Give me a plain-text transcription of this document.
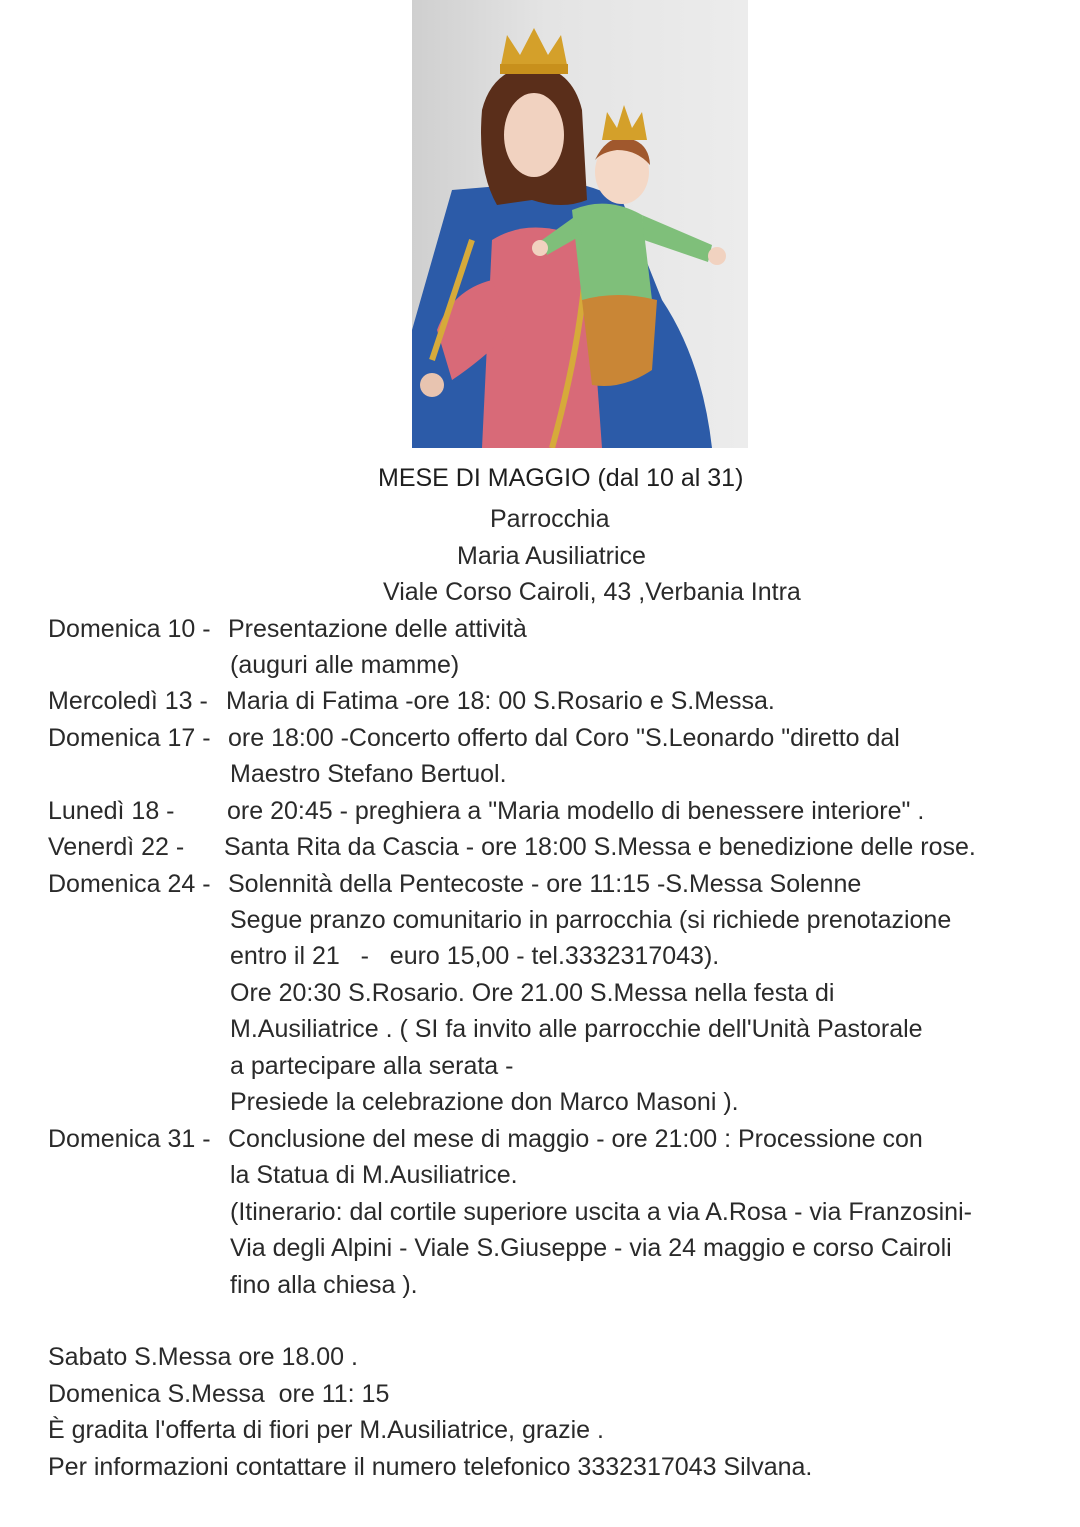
MESE DI MAGGIO (dal 10 al 31)
Parrocchia
Maria Ausiliatrice
Viale Corso Cairoli, 43 ,Verbania Intra
Domenica 10 - Presentazione delle attività
(auguri alle mamme)
Mercoledì 13 - Maria di Fatima -ore 18: 00 S.Rosario e S.Messa.
Domenica 17 - ore 18:00 -Concerto offerto dal Coro "S.Leonardo "diretto dal
Maestro Stefano Bertuol.
Lunedì 18 - ore 20:45 - preghiera a "Maria modello di benessere interiore" .
Venerdì 22 - Santa Rita da Cascia - ore 18:00 S.Messa e benedizione delle rose.
Domenica 24 - Solennità della Pentecoste - ore 11:15 -S.Messa Solenne
Segue pranzo comunitario in parrocchia (si richiede prenotazione
entro il 21   -   euro 15,00 - tel.3332317043).
Ore 20:30 S.Rosario. Ore 21.00 S.Messa nella festa di
M.Ausiliatrice . ( SI fa invito alle parrocchie dell'Unità Pastorale
a partecipare alla serata -
Presiede la celebrazione don Marco Masoni ).
Domenica 31 - Conclusione del mese di maggio - ore 21:00 : Processione con
la Statua di M.Ausiliatrice.
(Itinerario: dal cortile superiore uscita a via A.Rosa - via Franzosini-
Via degli Alpini - Viale S.Giuseppe - via 24 maggio e corso Cairoli
fino alla chiesa ).
Sabato S.Messa ore 18.00 .
Domenica S.Messa  ore 11: 15
È gradita l'offerta di fiori per M.Ausiliatrice, grazie .
Per informazioni contattare il numero telefonico 3332317043 Silvana.
